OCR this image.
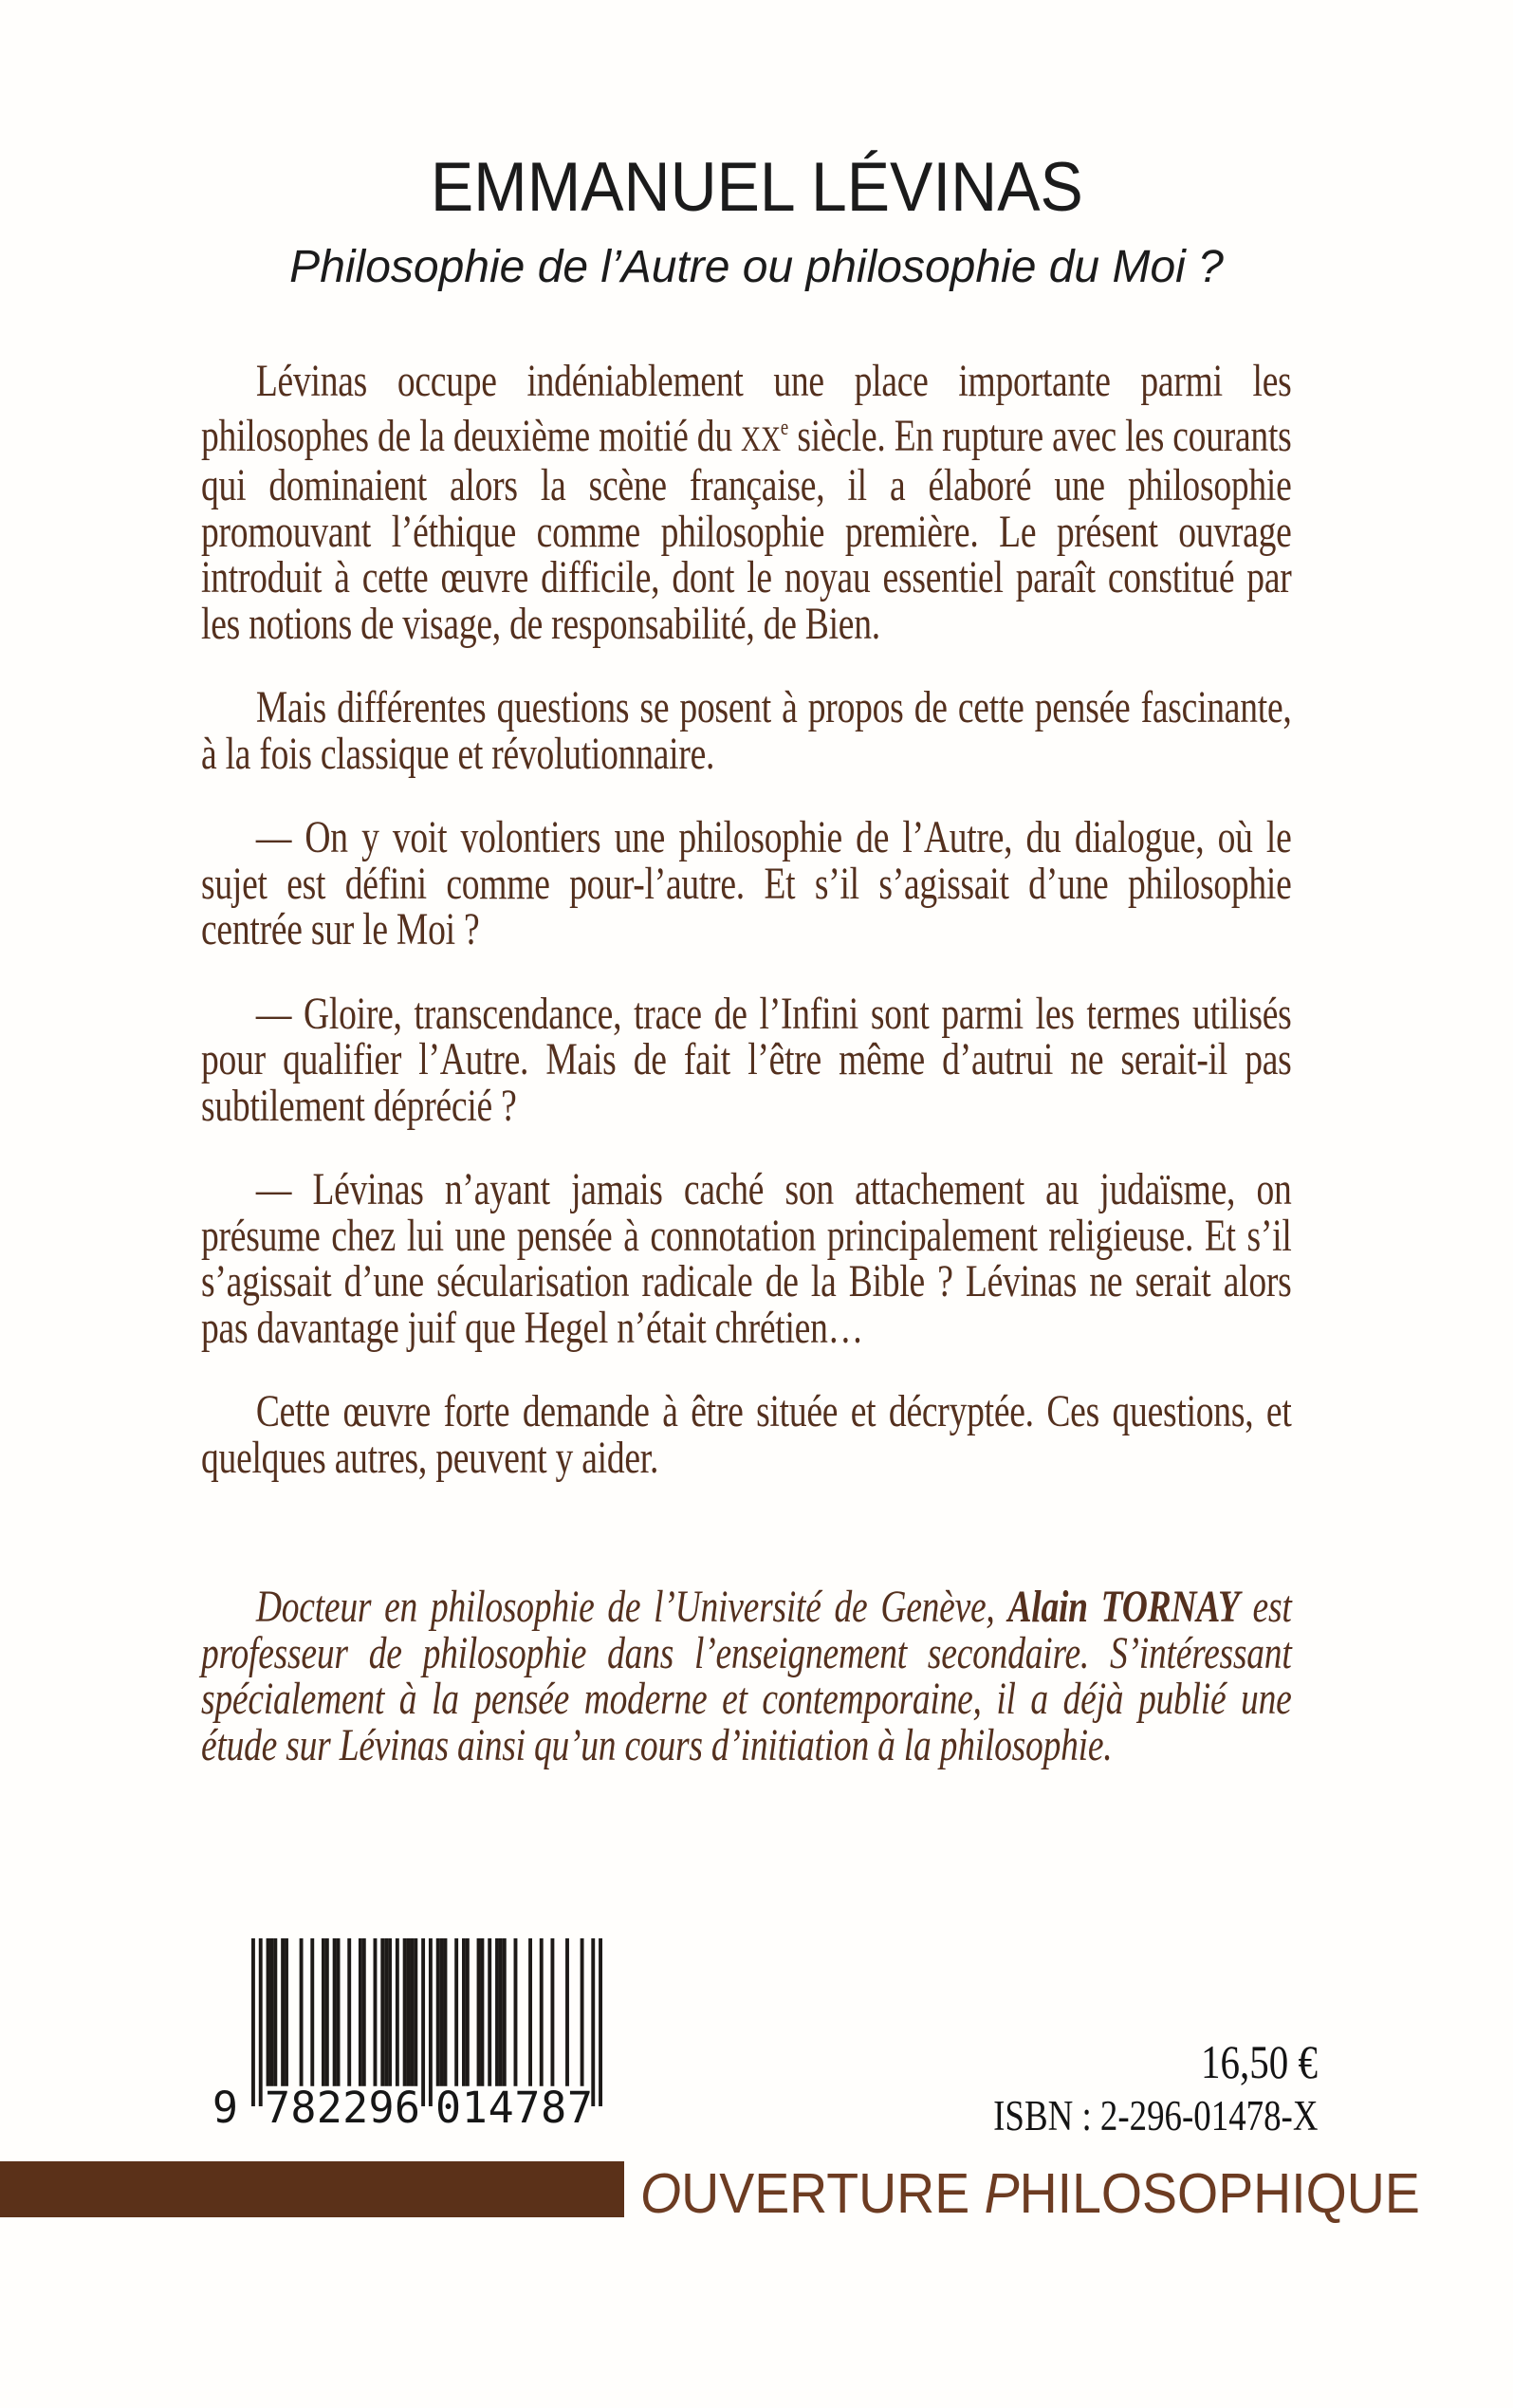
EMMANUEL LÉVINAS
Philosophie de l’Autre ou philosophie du Moi ?

Lévinas occupe indéniablement une place importante parmi les philosophes de la deuxième moitié du XXe siècle. En rupture avec les courants qui dominaient alors la scène française, il a élaboré une philosophie promouvant l’éthique comme philosophie première. Le présent ouvrage introduit à cette œuvre difficile, dont le noyau essentiel paraît constitué par les notions de visage, de responsabilité, de Bien.

Mais différentes questions se posent à propos de cette pensée fascinante, à la fois classique et révolutionnaire.

— On y voit volontiers une philosophie de l’Autre, du dialogue, où le sujet est défini comme pour-l’autre. Et s’il s’agissait d’une philosophie centrée sur le Moi ?

— Gloire, transcendance, trace de l’Infini sont parmi les termes utilisés pour qualifier l’Autre. Mais de fait l’être même d’autrui ne serait-il pas subtilement déprécié ?

— Lévinas n’ayant jamais caché son attachement au judaïsme, on présume chez lui une pensée à connotation principalement religieuse. Et s’il s’agissait d’une sécularisation radicale de la Bible ? Lévinas ne serait alors pas davantage juif que Hegel n’était chrétien…

Cette œuvre forte demande à être située et décryptée. Ces questions, et quelques autres, peuvent y aider.

Docteur en philosophie de l’Université de Genève, Alain TORNAY est professeur de philosophie dans l’enseignement secondaire. S’intéressant spécialement à la pensée moderne et contemporaine, il a déjà publié une étude sur Lévinas ainsi qu’un cours d’initiation à la philosophie.

9 7 8 2 2 9 6 0 1 4 7 8 7
16,50 €
ISBN : 2-296-01478-X
OUVERTURE PHILOSOPHIQUE
